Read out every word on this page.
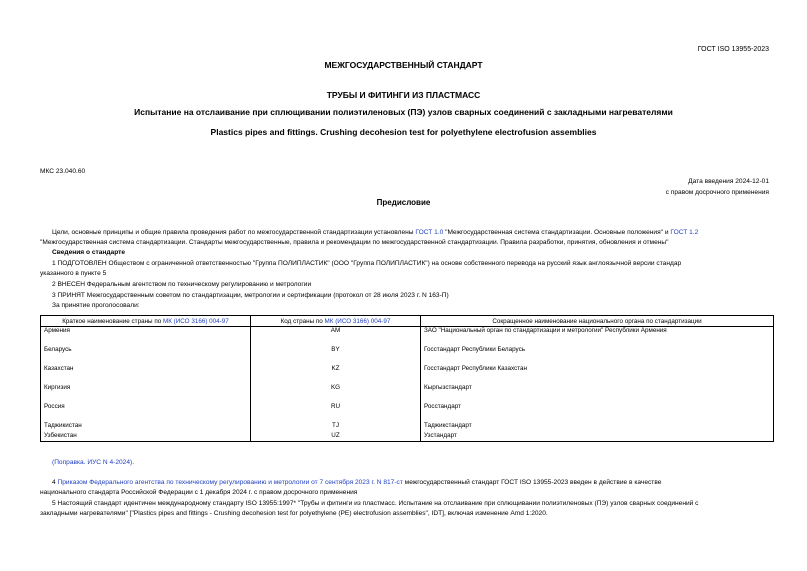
ГОСТ ISO 13955-2023
МЕЖГОСУДАРСТВЕННЫЙ СТАНДАРТ
ТРУБЫ И ФИТИНГИ ИЗ ПЛАСТМАСС
Испытание на отслаивание при сплющивании полиэтиленовых (ПЭ) узлов сварных соединений с закладными нагревателями
Plastics pipes and fittings. Crushing decohesion test for polyethylene electrofusion assemblies
МКС 23.040.60
Дата введения 2024-12-01
с правом досрочного применения
Предисловие
Цели, основные принципы и общие правила проведения работ по межгосударственной стандартизации установлены ГОСТ 1.0 "Межгосударственная система стандартизации. Основные положения" и ГОСТ 1.2
"Межгосударственная система стандартизации. Стандарты межгосударственные, правила и рекомендации по межгосударственной стандартизации. Правила разработки, принятия, обновления и отмены"
Сведения о стандарте
1 ПОДГОТОВЛЕН Обществом с ограниченной ответственностью "Группа ПОЛИПЛАСТИК" (ООО "Группа ПОЛИПЛАСТИК") на основе собственного перевода на русский язык англоязычной версии стандар
указанного в пункте 5
2 ВНЕСЕН Федеральным агентством по техническому регулированию и метрологии
3 ПРИНЯТ Межгосударственным советом по стандартизации, метрологии и сертификации (протокол от 28 июля 2023 г. N 163-П)
За принятие проголосовали:
Краткое наименование страны по МК (ИСО 3166) 004-97	Код страны по МК (ИСО 3166) 004-97	Сокращенное наименование национального органа по стандартизации
Армения	AM	ЗАО "Национальный орган по стандартизации и метрологии" Республики Армения
Беларусь	BY	Госстандарт Республики Беларусь
Казахстан	KZ	Госстандарт Республики Казахстан
Киргизия	KG	Кыргызстандарт
Россия	RU	Росстандарт
Таджикистан	TJ	Таджикстандарт
Узбекистан	UZ	Узстандарт
(Поправка. ИУС N 4-2024).
4 Приказом Федерального агентства по техническому регулированию и метрологии от 7 сентября 2023 г. N 817-ст межгосударственный стандарт ГОСТ ISO 13955-2023 введен в действие в качестве
национального стандарта Российской Федерации с 1 декабря 2024 г. с правом досрочного применения
5 Настоящий стандарт идентичен международному стандарту ISO 13955:1997* "Трубы и фитинги из пластмасс. Испытание на отслаивание при сплющивании полиэтиленовых (ПЭ) узлов сварных соединений с
закладными нагревателями" ["Plastics pipes and fittings - Crushing decohesion test for polyethylene (PE) electrofusion assemblies", IDT], включая изменение Amd 1:2020.
